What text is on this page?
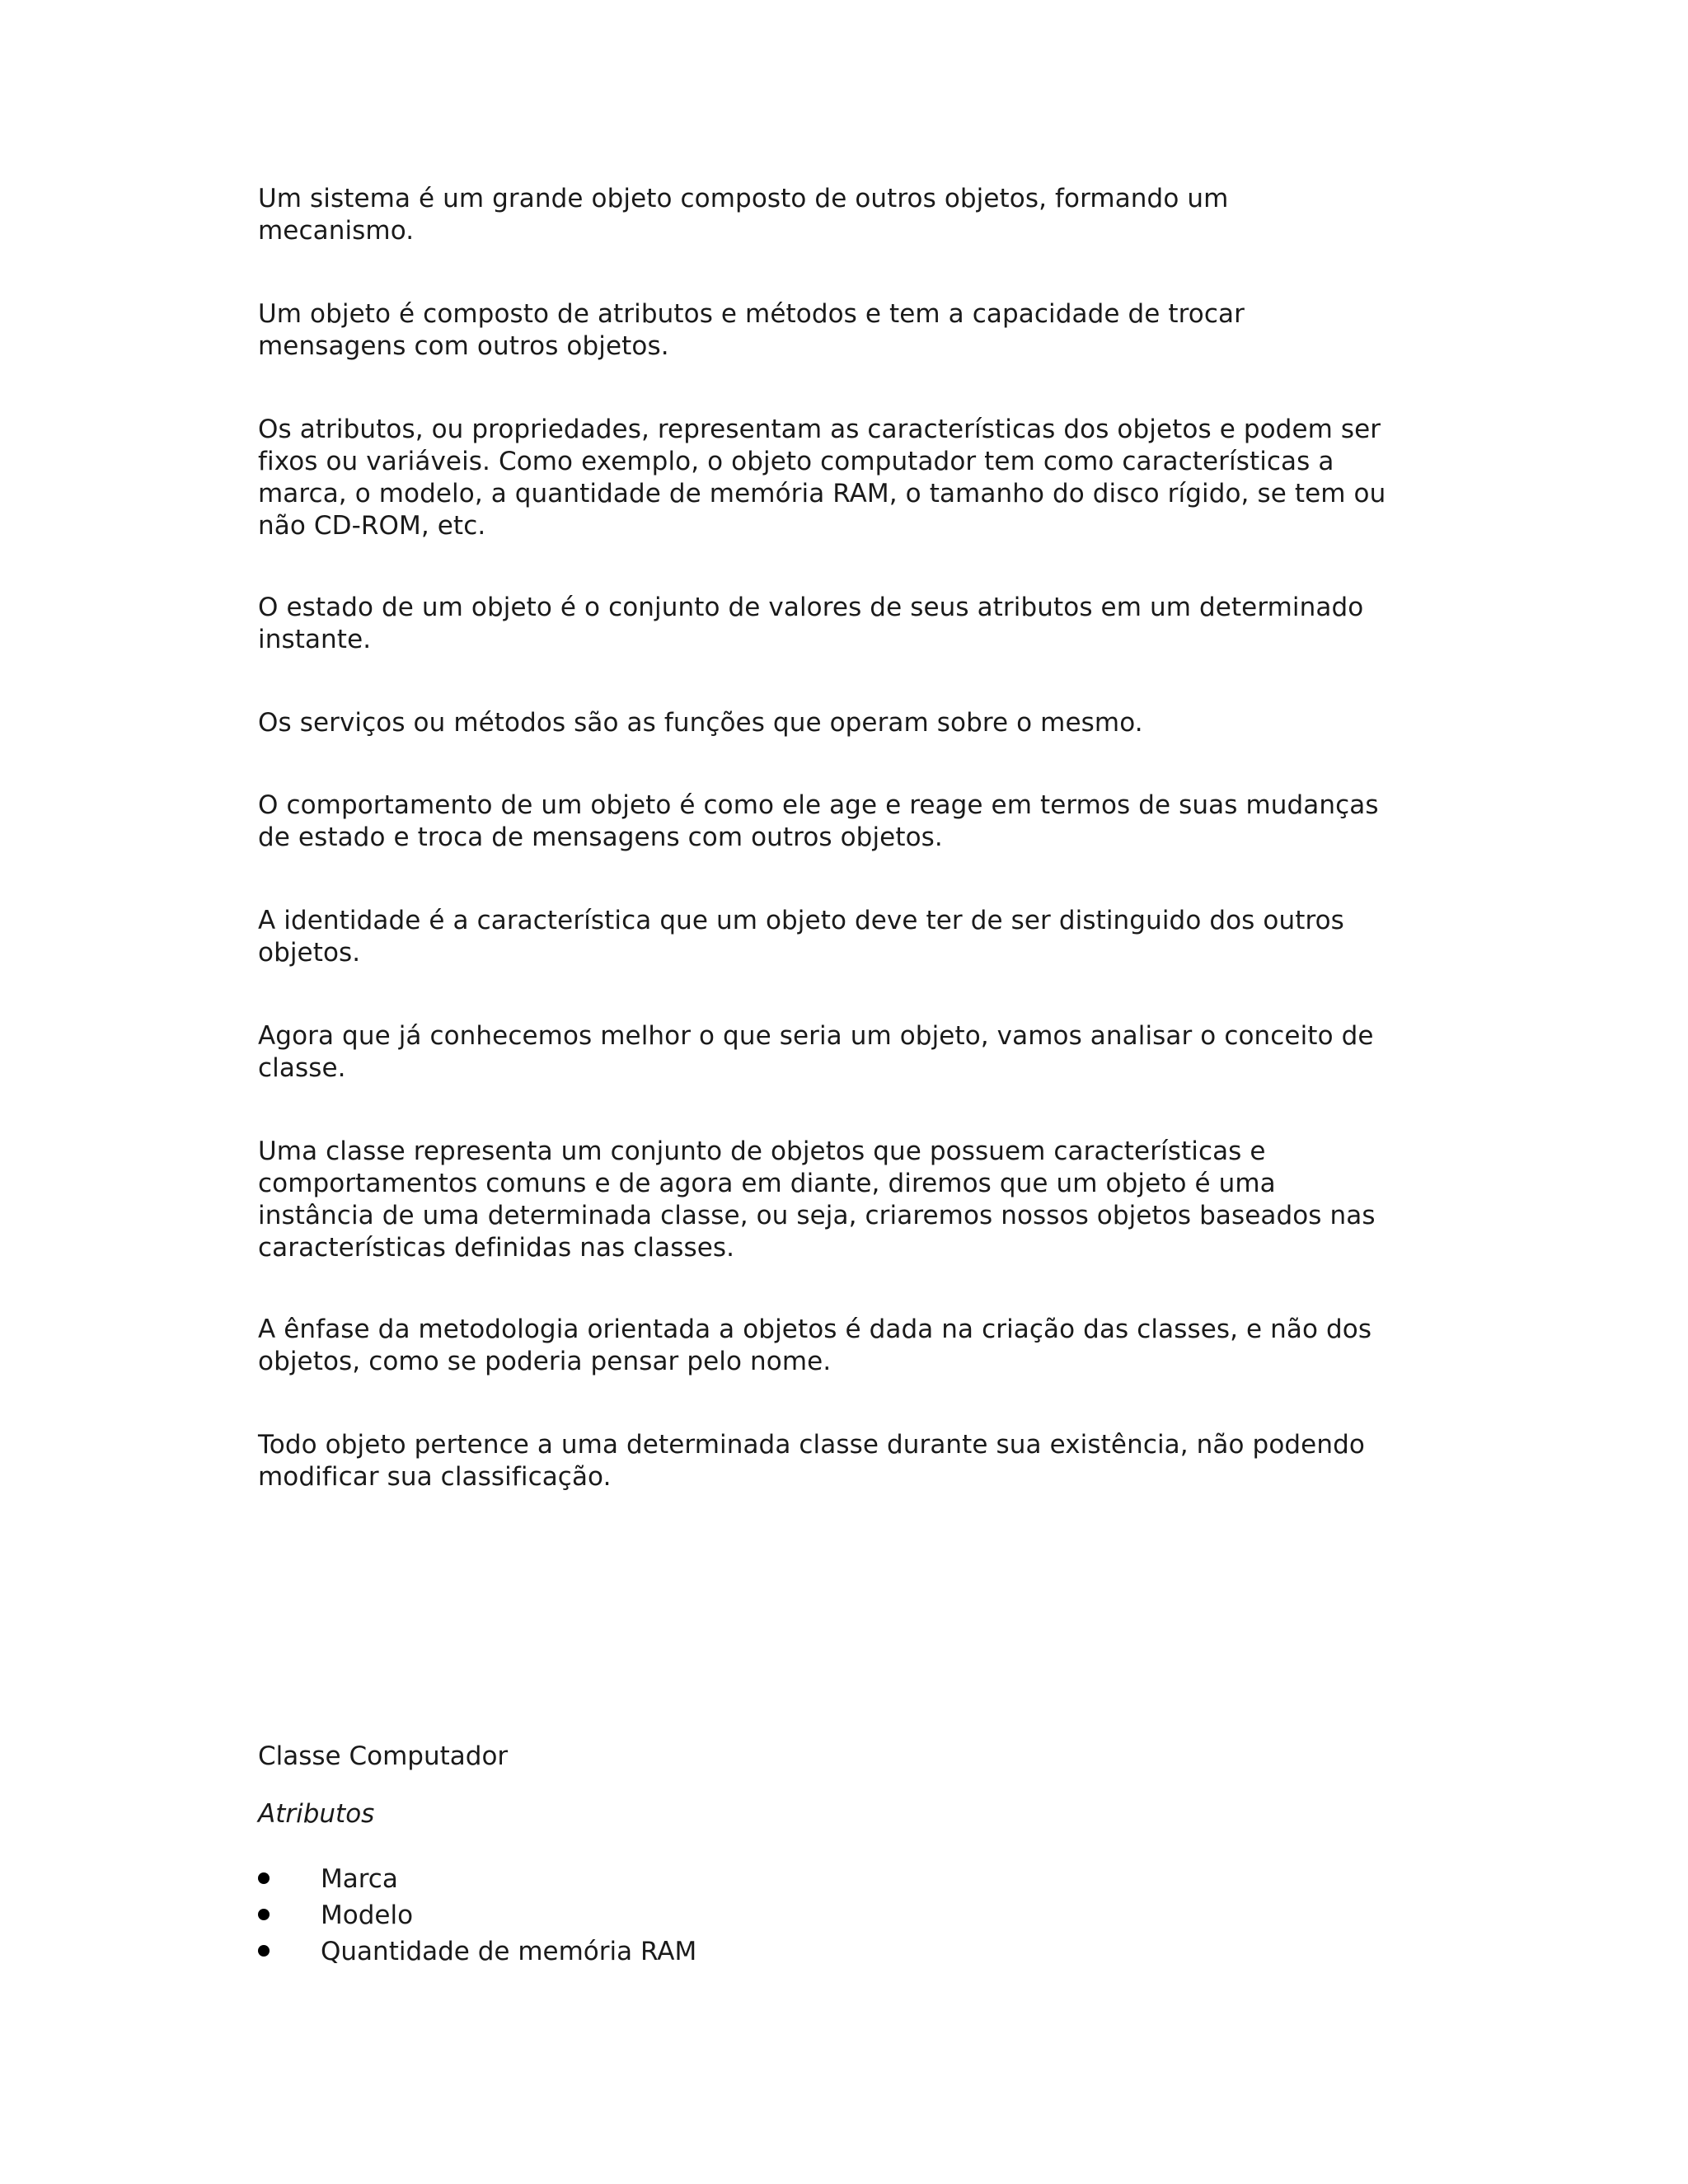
Um sistema é um grande objeto composto de outros objetos, formando um
mecanismo.

Um objeto é composto de atributos e métodos e tem a capacidade de trocar
mensagens com outros objetos.

Os atributos, ou propriedades, representam as características dos objetos e podem ser
fixos ou variáveis. Como exemplo, o objeto computador tem como características a
marca, o modelo, a quantidade de memória RAM, o tamanho do disco rígido, se tem ou
não CD-ROM, etc.

O estado de um objeto é o conjunto de valores de seus atributos em um determinado
instante.

Os serviços ou métodos são as funções que operam sobre o mesmo.

O comportamento de um objeto é como ele age e reage em termos de suas mudanças
de estado e troca de mensagens com outros objetos.

A identidade é a característica que um objeto deve ter de ser distinguido dos outros
objetos.

Agora que já conhecemos melhor o que seria um objeto, vamos analisar o conceito de
classe.

Uma classe representa um conjunto de objetos que possuem características e
comportamentos comuns e de agora em diante, diremos que um objeto é uma
instância de uma determinada classe, ou seja, criaremos nossos objetos baseados nas
características definidas nas classes.

A ênfase da metodologia orientada a objetos é dada na criação das classes, e não dos
objetos, como se poderia pensar pelo nome.

Todo objeto pertence a uma determinada classe durante sua existência, não podendo
modificar sua classificação.

Classe Computador

Atributos

Marca
Modelo
Quantidade de memória RAM
